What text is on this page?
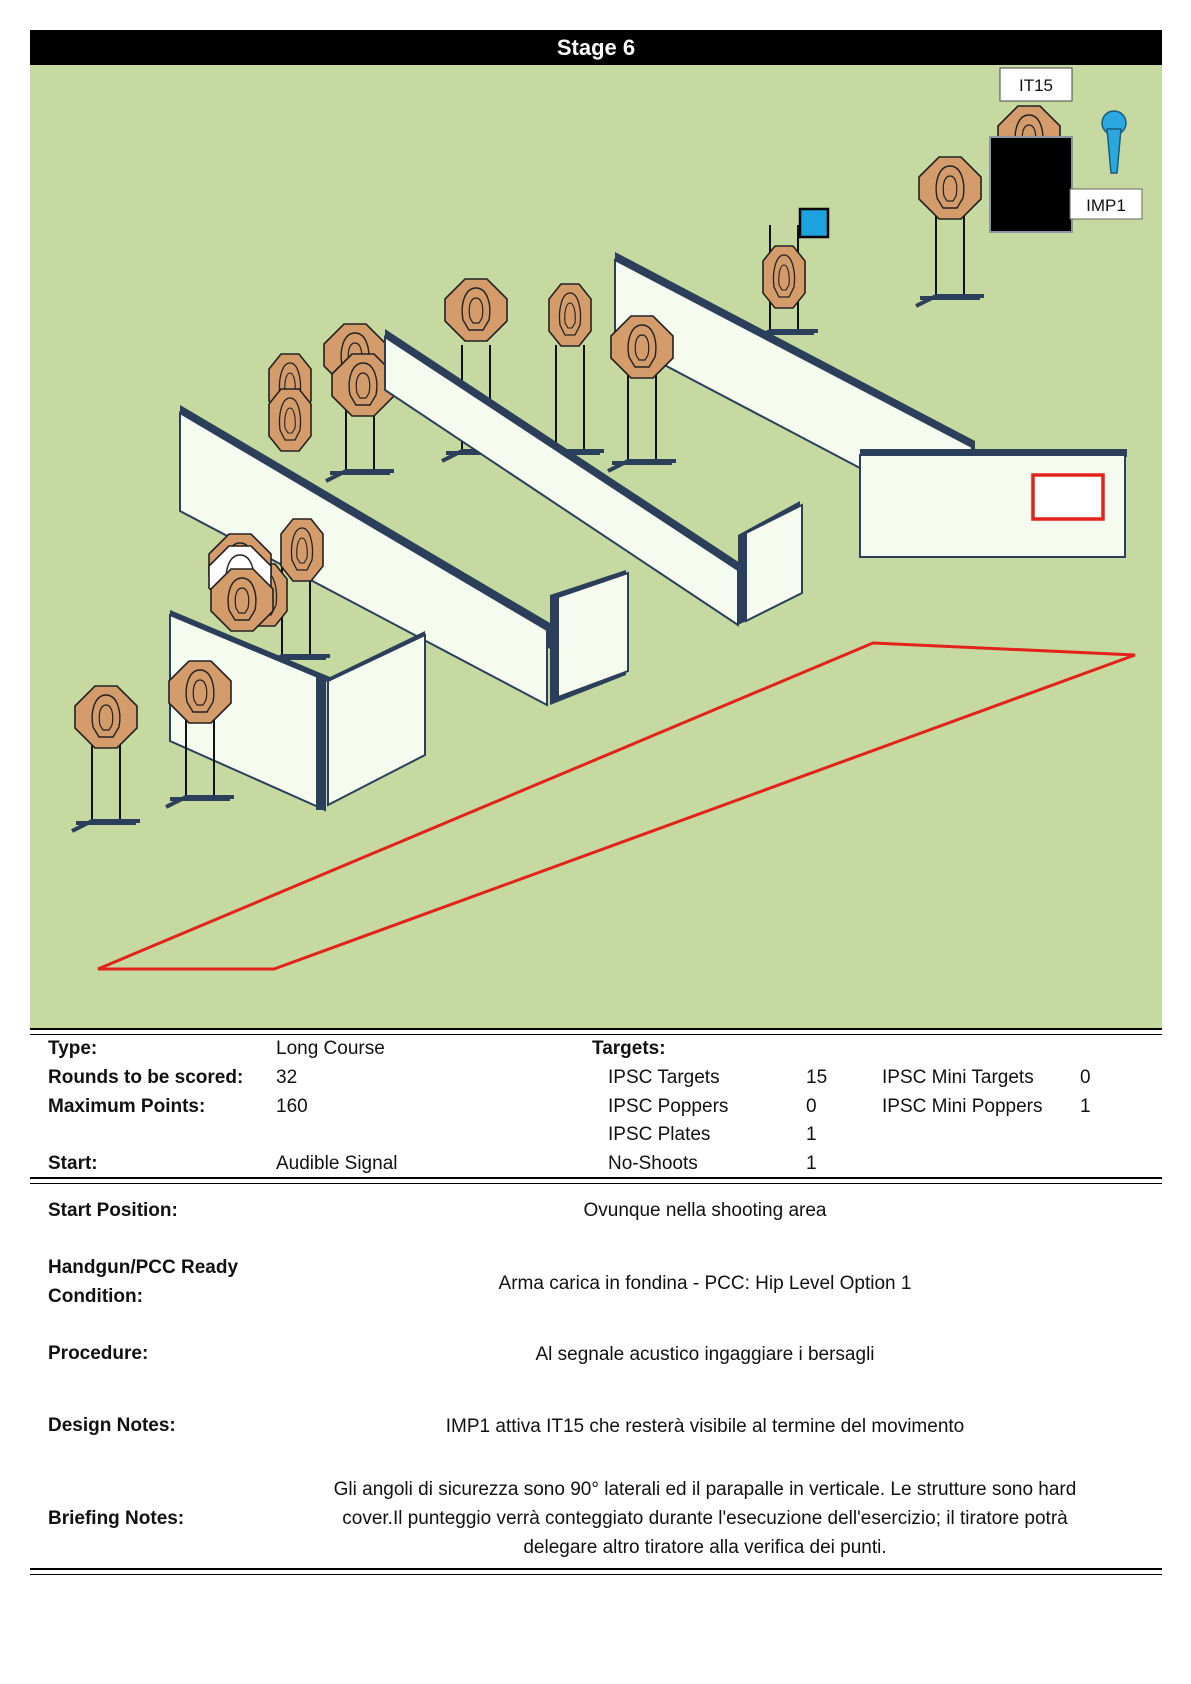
Stage 6
IT15
IMP1
Type:	Long Course
Rounds to be scored: 32
Maximum Points:	160
Start:	Audible Signal
Targets:
IPSC Targets	15
IPSC Poppers	0
IPSC Plates	1
No-Shoots	1
IPSC Mini Targets 0
IPSC Mini Poppers 1
Start Position:	Ovunque nella shooting area
Handgun/PCC Ready
Condition:
Arma carica in fondina - PCC: Hip Level Option 1
Procedure:	Al segnale acustico ingaggiare i bersagli
Design Notes:	IMP1 attiva IT15 che resterà visibile al termine del movimento
Briefing Notes:
Gli angoli di sicurezza sono 90° laterali ed il parapalle in verticale. Le strutture sono hard
cover.Il punteggio verrà conteggiato durante l'esecuzione dell'esercizio; il tiratore potrà
delegare altro tiratore alla verifica dei punti.
